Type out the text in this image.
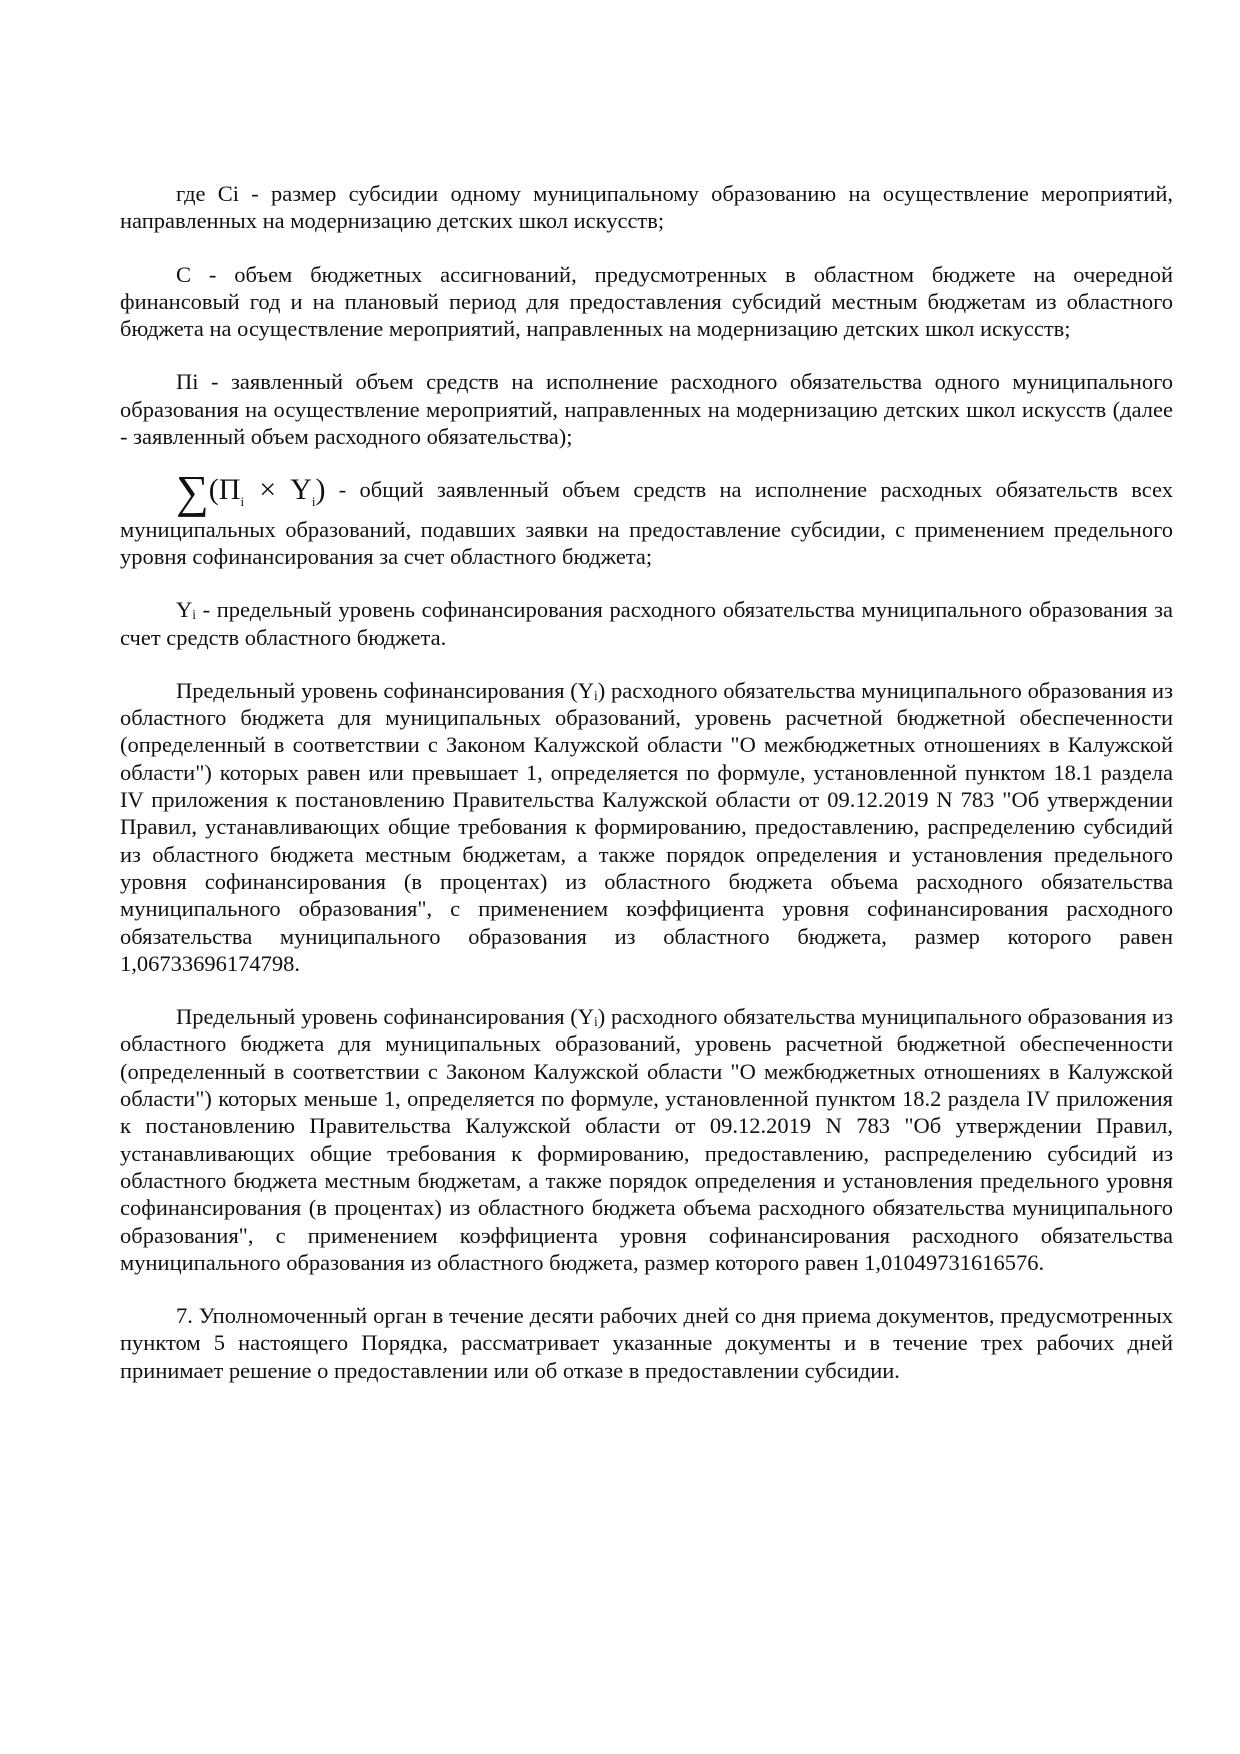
где Ci - размер субсидии одному муниципальному образованию на осуществление мероприятий, направленных на модернизацию детских школ искусств;

C - объем бюджетных ассигнований, предусмотренных в областном бюджете на очередной финансовый год и на плановый период для предоставления субсидий местным бюджетам из областного бюджета на осуществление мероприятий, направленных на модернизацию детских школ искусств;

Пi - заявленный объем средств на исполнение расходного обязательства одного муниципального образования на осуществление мероприятий, направленных на модернизацию детских школ искусств (далее - заявленный объем расходного обязательства);

$\sum(П_i \times Y_i)$ - общий заявленный объем средств на исполнение расходных обязательств всех муниципальных образований, подавших заявки на предоставление субсидии, с применением предельного уровня софинансирования за счет областного бюджета;

Yᵢ - предельный уровень софинансирования расходного обязательства муниципального образования за счет средств областного бюджета.

Предельный уровень софинансирования (Yᵢ) расходного обязательства муниципального образования из областного бюджета для муниципальных образований, уровень расчетной бюджетной обеспеченности (определенный в соответствии с Законом Калужской области "О межбюджетных отношениях в Калужской области") которых равен или превышает 1, определяется по формуле, установленной пунктом 18.1 раздела IV приложения к постановлению Правительства Калужской области от 09.12.2019 N 783 "Об утверждении Правил, устанавливающих общие требования к формированию, предоставлению, распределению субсидий из областного бюджета местным бюджетам, а также порядок определения и установления предельного уровня софинансирования (в процентах) из областного бюджета объема расходного обязательства муниципального образования", с применением коэффициента уровня софинансирования расходного обязательства муниципального образования из областного бюджета, размер которого равен 1,06733696174798.

Предельный уровень софинансирования (Yᵢ) расходного обязательства муниципального образования из областного бюджета для муниципальных образований, уровень расчетной бюджетной обеспеченности (определенный в соответствии с Законом Калужской области "О межбюджетных отношениях в Калужской области") которых меньше 1, определяется по формуле, установленной пунктом 18.2 раздела IV приложения к постановлению Правительства Калужской области от 09.12.2019 N 783 "Об утверждении Правил, устанавливающих общие требования к формированию, предоставлению, распределению субсидий из областного бюджета местным бюджетам, а также порядок определения и установления предельного уровня софинансирования (в процентах) из областного бюджета объема расходного обязательства муниципального образования", с применением коэффициента уровня софинансирования расходного обязательства муниципального образования из областного бюджета, размер которого равен 1,01049731616576.

7. Уполномоченный орган в течение десяти рабочих дней со дня приема документов, предусмотренных пунктом 5 настоящего Порядка, рассматривает указанные документы и в течение трех рабочих дней принимает решение о предоставлении или об отказе в предоставлении субсидии.
